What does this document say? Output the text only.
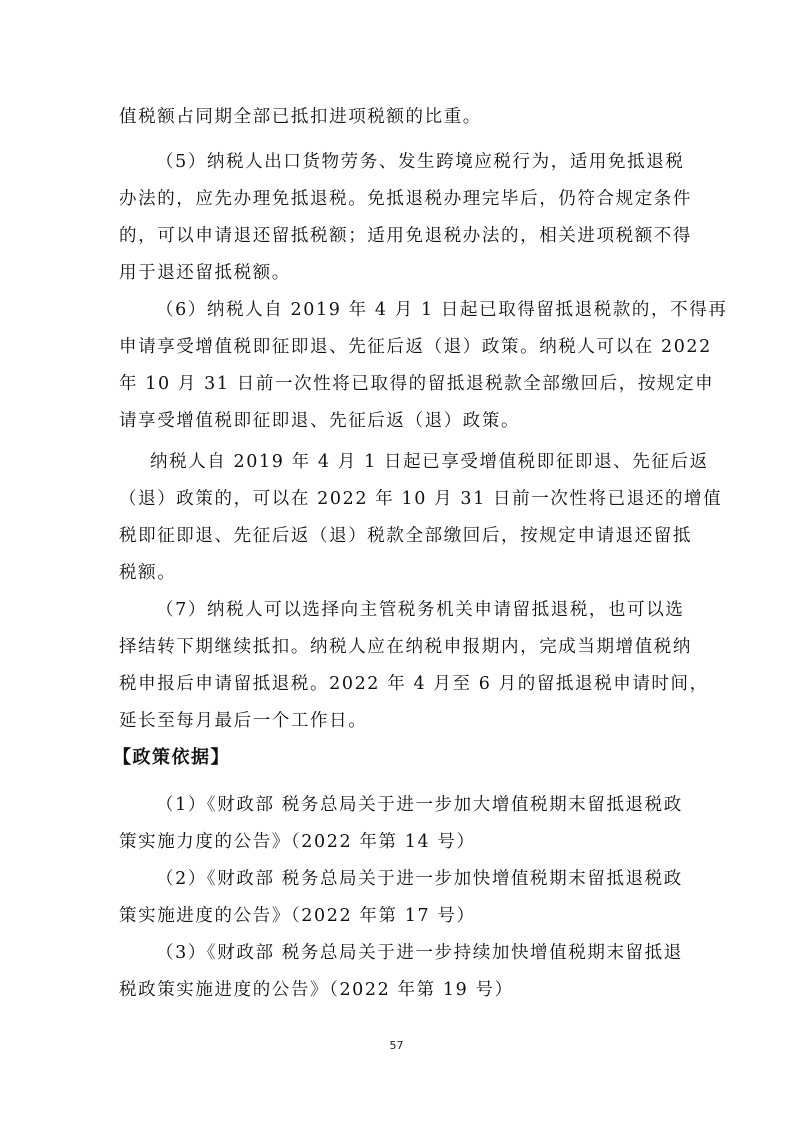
值税额占同期全部已抵扣进项税额的比重。

（5）纳税人出口货物劳务、发生跨境应税行为，适用免抵退税

办法的，应先办理免抵退税。免抵退税办理完毕后，仍符合规定条件

的，可以申请退还留抵税额；适用免退税办法的，相关进项税额不得

用于退还留抵税额。

（6）纳税人自 2019 年 4 月 1 日起已取得留抵退税款的，不得再

申请享受增值税即征即退、先征后返（退）政策。纳税人可以在 2022

年 10 月 31 日前一次性将已取得的留抵退税款全部缴回后，按规定申

请享受增值税即征即退、先征后返（退）政策。

纳税人自 2019 年 4 月 1 日起已享受增值税即征即退、先征后返

（退）政策的，可以在 2022 年 10 月 31 日前一次性将已退还的增值

税即征即退、先征后返（退）税款全部缴回后，按规定申请退还留抵

税额。

（7）纳税人可以选择向主管税务机关申请留抵退税，也可以选

择结转下期继续抵扣。纳税人应在纳税申报期内，完成当期增值税纳

税申报后申请留抵退税。2022 年 4 月至 6 月的留抵退税申请时间，

延长至每月最后一个工作日。

【政策依据】

（1）《财政部 税务总局关于进一步加大增值税期末留抵退税政

策实施力度的公告》（2022 年第 14 号）

（2）《财政部 税务总局关于进一步加快增值税期末留抵退税政

策实施进度的公告》（2022 年第 17 号）

（3）《财政部 税务总局关于进一步持续加快增值税期末留抵退

税政策实施进度的公告》（2022 年第 19 号）

57
